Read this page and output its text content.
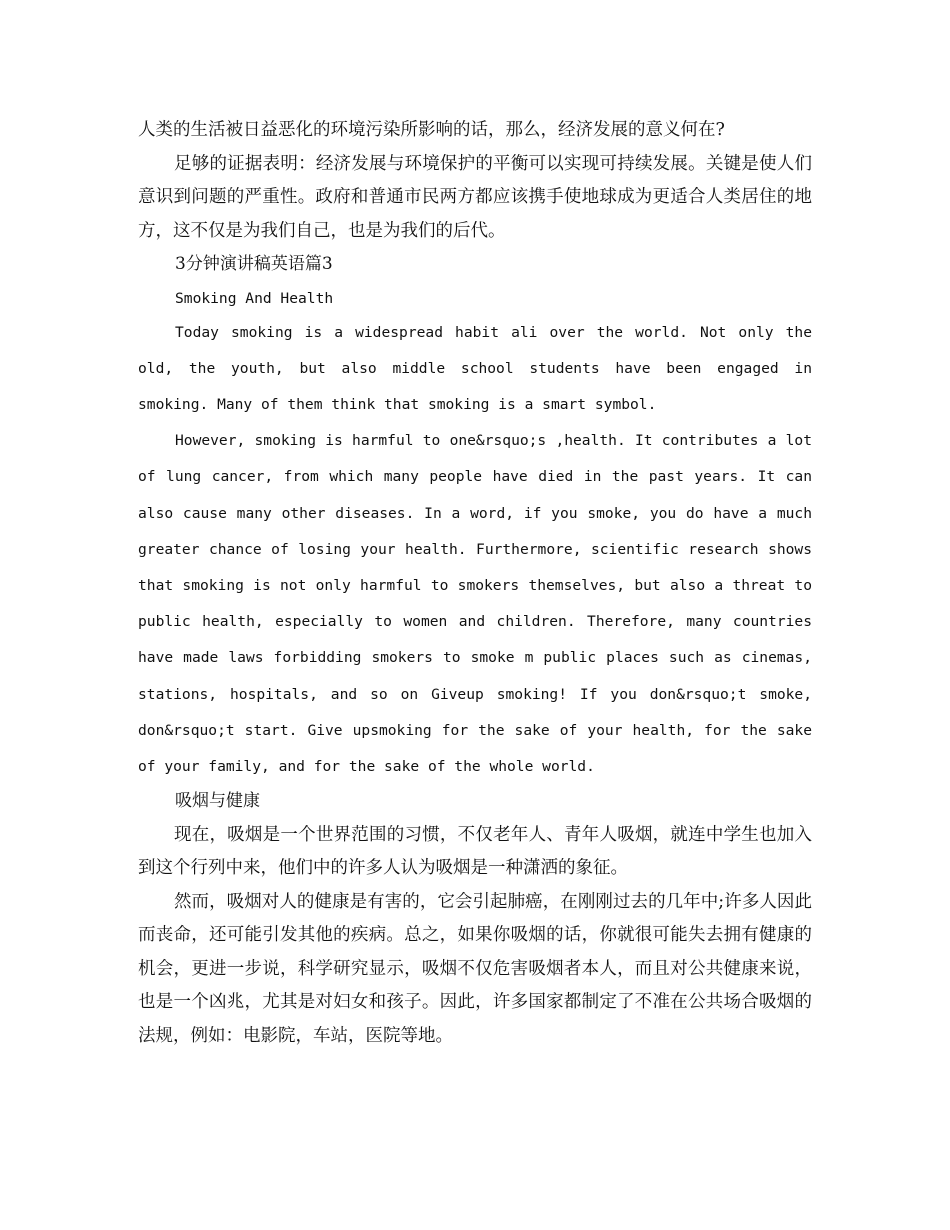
人类的生活被日益恶化的环境污染所影响的话，那么，经济发展的意义何在?

足够的证据表明：经济发展与环境保护的平衡可以实现可持续发展。关键是使人们意识到问题的严重性。政府和普通市民两方都应该携手使地球成为更适合人类居住的地方，这不仅是为我们自己，也是为我们的后代。

3分钟演讲稿英语篇3

Smoking And Health

Today smoking is a widespread habit ali over the world. Not only the old, the youth, but also middle school students have been engaged in smoking. Many of them think that smoking is a smart symbol.

However, smoking is harmful to one&rsquo;s ,health. It contributes a lot of lung cancer, from which many people have died in the past years. It can also cause many other diseases. In a word, if you smoke, you do have a much greater chance of losing your health. Furthermore, scientific research shows that smoking is not only harmful to smokers themselves, but also a threat to public health, especially to women and children. Therefore, many countries have made laws forbidding smokers to smoke m public places such as cinemas, stations, hospitals, and so on Giveup smoking! If you don&rsquo;t smoke, don&rsquo;t start. Give upsmoking for the sake of your health, for the sake of your family, and for the sake of the whole world.

吸烟与健康

现在，吸烟是一个世界范围的习惯，不仅老年人、青年人吸烟，就连中学生也加入到这个行列中来，他们中的许多人认为吸烟是一种潇洒的象征。

然而，吸烟对人的健康是有害的，它会引起肺癌，在刚刚过去的几年中;许多人因此而丧命，还可能引发其他的疾病。总之，如果你吸烟的话，你就很可能失去拥有健康的机会，更进一步说，科学研究显示，吸烟不仅危害吸烟者本人，而且对公共健康来说，也是一个凶兆，尤其是对妇女和孩子。因此，许多国家都制定了不准在公共场合吸烟的法规，例如：电影院，车站，医院等地。
